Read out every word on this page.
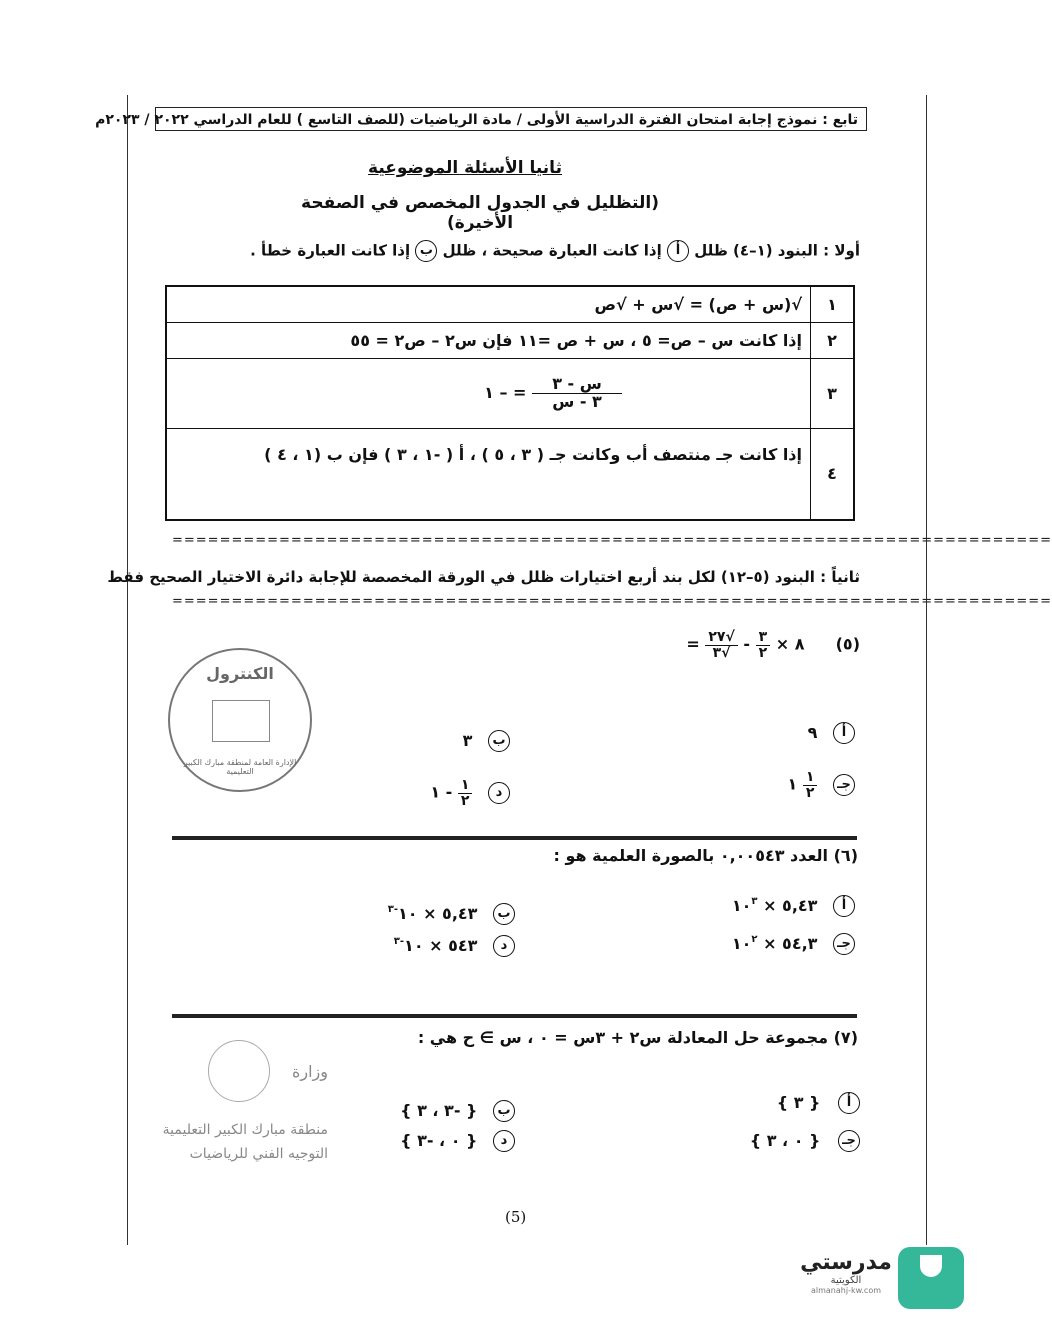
تابع : نموذج إجابة امتحان الفترة الدراسية الأولى / مادة الرياضيات (للصف التاسع ) للعام الدراسي ٢٠٢٢ / ٢٠٢٣م
ثانيا الأسئلة الموضوعية
(التظليل في الجدول المخصص في الصفحة الأخيرة)
أولا : البنود (١–٤) ظلل أ إذا كانت العبارة صحيحة ، ظلل ب إذا كانت العبارة خطأ .
١	√(س + ص) = √س + √ص
٢	إذا كانت س – ص= ٥ ، س + ص =١١ فإن س٢ – ص٢ = ٥٥
٣	$\frac{\text{س - ٣}}{\text{٣ - س}}$
= – ١
٤	إذا كانت جـ منتصف أب وكانت جـ ( ٣ ، ٥ ) ، أ ( -١ ، ٣ ) فإن ب (١ ، ٤ )
==========================================================================
ثانياً : البنود (٥–١٢) لكل بند أربع اختيارات ظلل في الورقة المخصصة للإجابة دائرة الاختيار الصحيح فقط
==========================================================================
(٥)  ٨ ×
$\frac{٣}{٢}$
-
$\frac{√٢٧}{√٣}$
=
أ ٩
ب ٣
جـ
$\frac{١}{٢}$
١
د
$\frac{١}{٢}$
- ١
الكنترول
الإدارة العامة لمنطقة مبارك الكبير التعليمية
(٦) العدد ٠,٠٠٥٤٣ بالصورة العلمية هو :
أ ٥,٤٣ × $١٠^٣$
ب ٥,٤٣ × $١٠^{-٣}$
جـ ٥٤,٣ × $١٠^٢$
د ٥٤٣ × $١٠^{-٣}$
(٧) مجموعة حل المعادلة س٢ + ٣س = ٠ ، س ∋ ح هي :
أ { ٣ }
ب { -٣ ، ٣ }
جـ { ٠ ، ٣ }
د { ٠ ، -٣ }
وزارة
منطقة مبارك الكبير التعليمية
التوجيه الفني للرياضيات
(5)
مدرستي
الكويتية
almanahj-kw.com
